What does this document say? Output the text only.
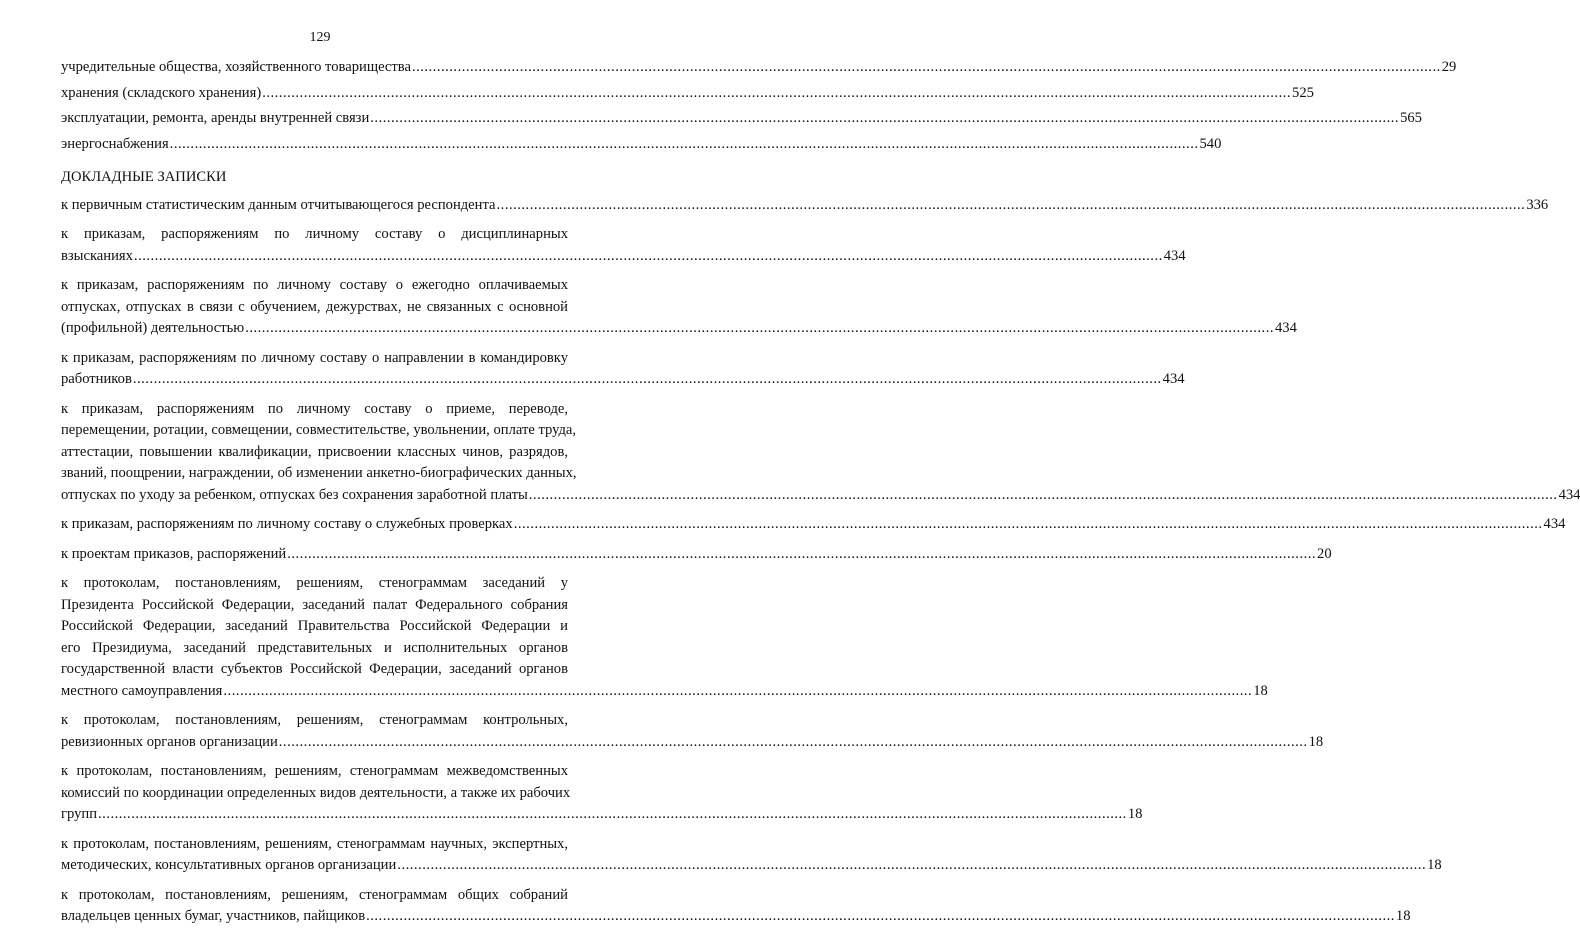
129
учредительные общества, хозяйственного товарищества ........................................................................................................................................................................................................................................................ 29
хранения (складского хранения) ........................................................................................................................................................................................................................................................ 525
эксплуатации, ремонта, аренды внутренней связи ........................................................................................................................................................................................................................................................ 565
энергоснабжения ........................................................................................................................................................................................................................................................ 540
ДОКЛАДНЫЕ ЗАПИСКИ
к первичным статистическим данным отчитывающегося респондента ........................................................................................................................................................................................................................................................ 336
к приказам, распоряжениям по личному составу о дисциплинарных
взысканиях ........................................................................................................................................................................................................................................................ 434
к приказам, распоряжениям по личному составу о ежегодно оплачиваемых
отпусках, отпусках в связи с обучением, дежурствах, не связанных с основной
(профильной) деятельностью ........................................................................................................................................................................................................................................................ 434
к приказам, распоряжениям по личному составу о направлении в командировку
работников ........................................................................................................................................................................................................................................................ 434
к приказам, распоряжениям по личному составу о приеме, переводе,
перемещении, ротации, совмещении, совместительстве, увольнении, оплате труда,
аттестации, повышении квалификации, присвоении классных чинов, разрядов,
званий, поощрении, награждении, об изменении анкетно-биографических данных,
отпусках по уходу за ребенком, отпусках без сохранения заработной платы ........................................................................................................................................................................................................................................................ 434
к приказам, распоряжениям по личному составу о служебных проверках ........................................................................................................................................................................................................................................................ 434
к проектам приказов, распоряжений ........................................................................................................................................................................................................................................................ 20
к протоколам, постановлениям, решениям, стенограммам заседаний у
Президента Российской Федерации, заседаний палат Федерального собрания
Российской Федерации, заседаний Правительства Российской Федерации и
его Президиума, заседаний представительных и исполнительных органов
государственной власти субъектов Российской Федерации, заседаний органов
местного самоуправления ........................................................................................................................................................................................................................................................ 18
к протоколам, постановлениям, решениям, стенограммам контрольных,
ревизионных органов организации ........................................................................................................................................................................................................................................................ 18
к протоколам, постановлениям, решениям, стенограммам межведомственных
комиссий по координации определенных видов деятельности, а также их рабочих
групп ........................................................................................................................................................................................................................................................ 18
к протоколам, постановлениям, решениям, стенограммам научных, экспертных,
методических, консультативных органов организации ........................................................................................................................................................................................................................................................ 18
к протоколам, постановлениям, решениям, стенограммам общих собраний
владельцев ценных бумаг, участников, пайщиков ........................................................................................................................................................................................................................................................ 18
